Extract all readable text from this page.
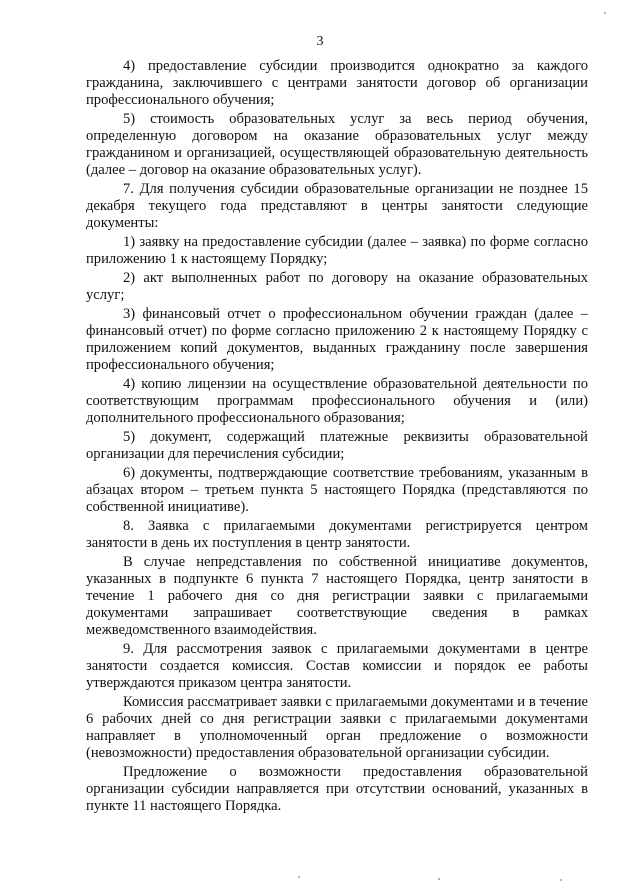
3

4) предоставление субсидии производится однократно за каждого гражданина, заключившего с центрами занятости договор об организации профессионального обучения;

5) стоимость образовательных услуг за весь период обучения, определенную договором на оказание образовательных услуг между гражданином и организацией, осуществляющей образовательную деятельность (далее – договор на оказание образовательных услуг).

7. Для получения субсидии образовательные организации не позднее 15 декабря текущего года представляют в центры занятости следующие документы:

1) заявку на предоставление субсидии (далее – заявка) по форме согласно приложению 1 к настоящему Порядку;

2) акт выполненных работ по договору на оказание образовательных услуг;

3) финансовый отчет о профессиональном обучении граждан (далее – финансовый отчет) по форме согласно приложению 2 к настоящему Порядку с приложением копий документов, выданных гражданину после завершения профессионального обучения;

4) копию лицензии на осуществление образовательной деятельности по соответствующим программам профессионального обучения и (или) дополнительного профессионального образования;

5) документ, содержащий платежные реквизиты образовательной организации для перечисления субсидии;

6) документы, подтверждающие соответствие требованиям, указанным в абзацах втором – третьем пункта 5 настоящего Порядка (представляются по собственной инициативе).

8. Заявка с прилагаемыми документами регистрируется центром занятости в день их поступления в центр занятости.

В случае непредставления по собственной инициативе документов, указанных в подпункте 6 пункта 7 настоящего Порядка, центр занятости в течение 1 рабочего дня со дня регистрации заявки с прилагаемыми документами запрашивает соответствующие сведения в рамках межведомственного взаимодействия.

9. Для рассмотрения заявок с прилагаемыми документами в центре занятости создается комиссия. Состав комиссии и порядок ее работы утверждаются приказом центра занятости.

Комиссия рассматривает заявки с прилагаемыми документами и в течение 6 рабочих дней со дня регистрации заявки с прилагаемыми документами направляет в уполномоченный орган предложение о возможности (невозможности) предоставления образовательной организации субсидии.

Предложение о возможности предоставления образовательной организации субсидии направляется при отсутствии оснований, указанных в пункте 11 настоящего Порядка.
